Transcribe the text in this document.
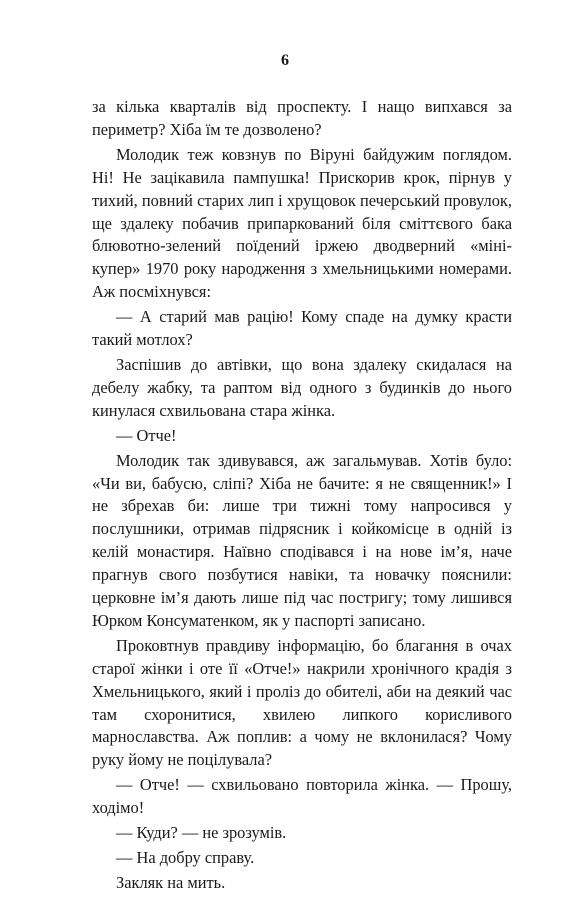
6

за кілька кварталів від проспекту. І нащо випхався за периметр? Хіба їм те дозволено?

Молодик теж ковзнув по Віруні байдужим поглядом. Ні! Не зацікавила пампушка! Прискорив крок, пірнув у тихий, повний старих лип і хрущовок печерський провулок, ще здалеку побачив припаркований біля сміттєвого бака блювотно-зелений поїдений іржею дводверний «міні-купер» 1970 року народження з хмельницькими номерами. Аж посміхнувся:

— А старий мав рацію! Кому спаде на думку красти такий мотлох?

Заспішив до автівки, що вона здалеку скидалася на дебелу жабку, та раптом від одного з будинків до нього кинулася схвильована стара жінка.

— Отче!

Молодик так здивувався, аж загальмував. Хотів було: «Чи ви, бабусю, сліпі? Хіба не бачите: я не священник!» І не збрехав би: лише три тижні тому напросився у послушники, отримав підрясник і койкомісце в одній із келій монастиря. Наївно сподівався і на нове ім’я, наче прагнув свого позбутися навіки, та новачку пояснили: церковне ім’я дають лише під час постригу; тому лишився Юрком Консуматенком, як у паспорті записано.

Проковтнув правдиву інформацію, бо благання в очах старої жінки і оте її «Отче!» накрили хронічного крадія з Хмельницького, який і проліз до обителі, аби на деякий час там схоронитися, хвилею липкого корисливого марнославства. Аж поплив: а чому не вклонилася? Чому руку йому не поцілувала?

— Отче! — схвильовано повторила жінка. — Прошу, ходімо!

— Куди? — не зрозумів.

— На добру справу.

Закляк на мить.
